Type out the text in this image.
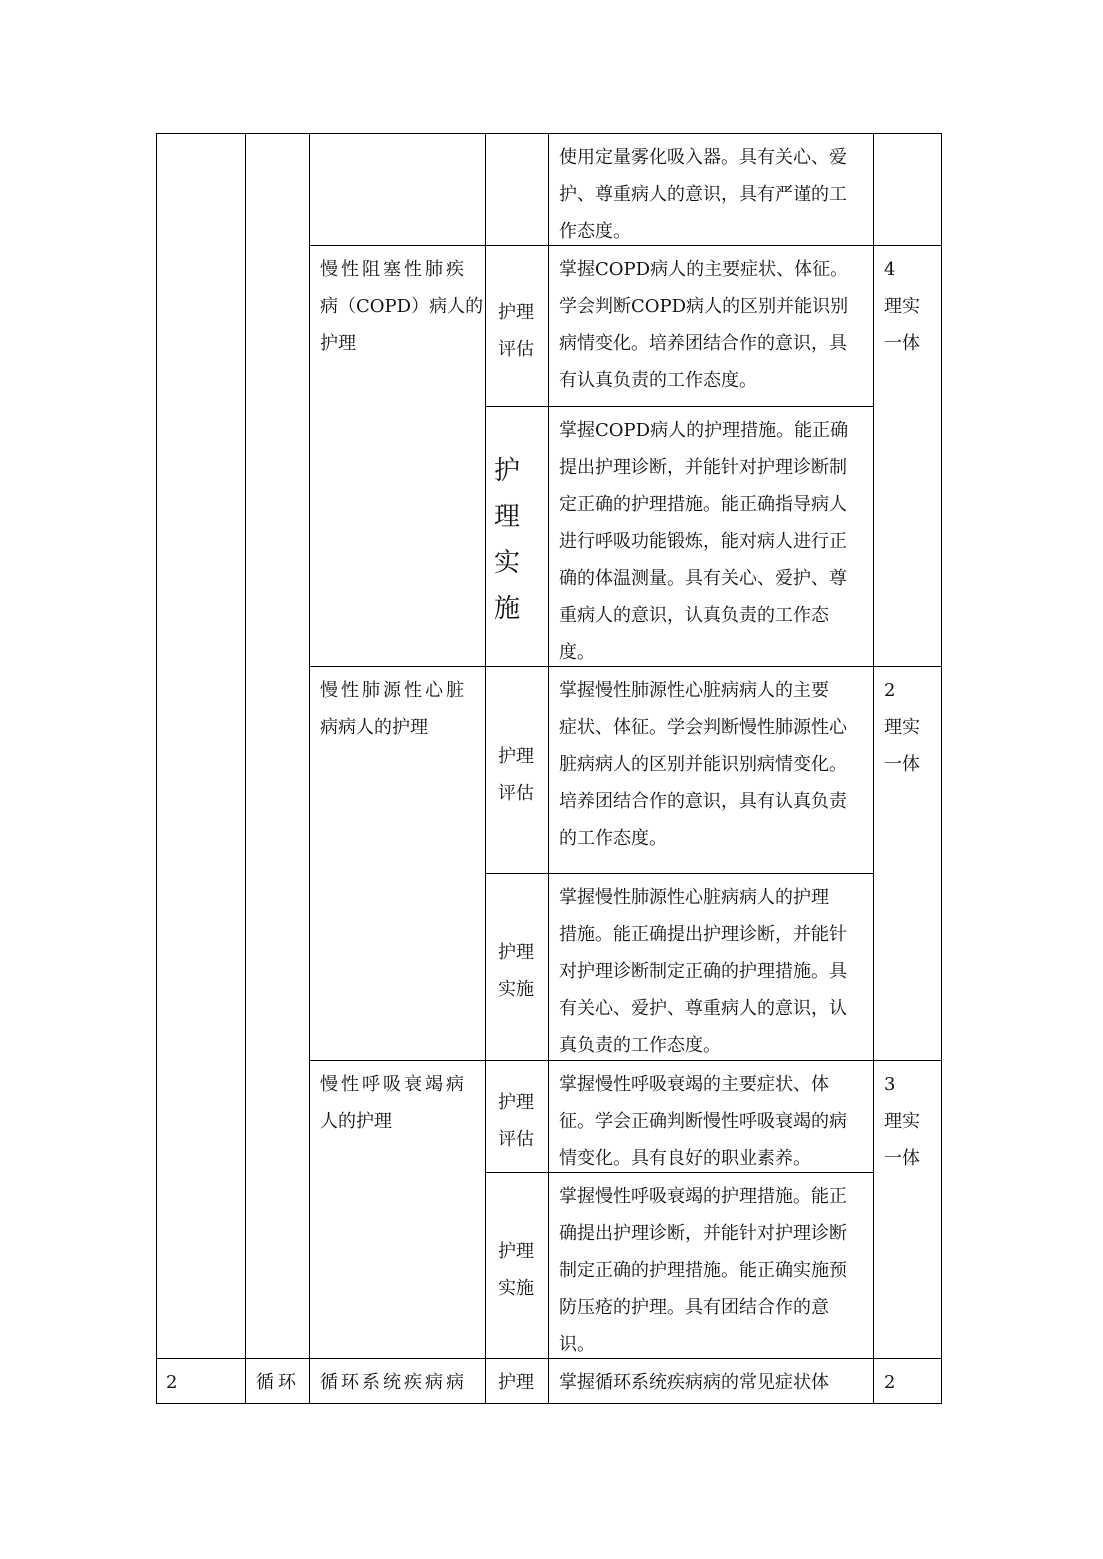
使用定量雾化吸入器。具有关心、爱
护、尊重病人的意识，具有严谨的工
作态度。
慢性阻塞性肺疾
病（COPD）病人的
护理
护理
评估
掌握COPD病人的主要症状、体征。
学会判断COPD病人的区别并能识别
病情变化。培养团结合作的意识，具
有认真负责的工作态度。
4
理实
一体
护
理
实
施
掌握COPD病人的护理措施。能正确
提出护理诊断，并能针对护理诊断制
定正确的护理措施。能正确指导病人
进行呼吸功能锻炼，能对病人进行正
确的体温测量。具有关心、爱护、尊
重病人的意识，认真负责的工作态
度。
慢性肺源性心脏
病病人的护理
护理
评估
掌握慢性肺源性心脏病病人的主要
症状、体征。学会判断慢性肺源性心
脏病病人的区别并能识别病情变化。
培养团结合作的意识，具有认真负责
的工作态度。
2
理实
一体
护理
实施
掌握慢性肺源性心脏病病人的护理
措施。能正确提出护理诊断，并能针
对护理诊断制定正确的护理措施。具
有关心、爱护、尊重病人的意识，认
真负责的工作态度。
慢性呼吸衰竭病
人的护理
护理
评估
掌握慢性呼吸衰竭的主要症状、体
征。学会正确判断慢性呼吸衰竭的病
情变化。具有良好的职业素养。
3
理实
一体
护理
实施
掌握慢性呼吸衰竭的护理措施。能正
确提出护理诊断，并能针对护理诊断
制定正确的护理措施。能正确实施预
防压疮的护理。具有团结合作的意
识。
2	循环 循环系统疾病病 护理 掌握循环系统疾病病的常见症状体	2
